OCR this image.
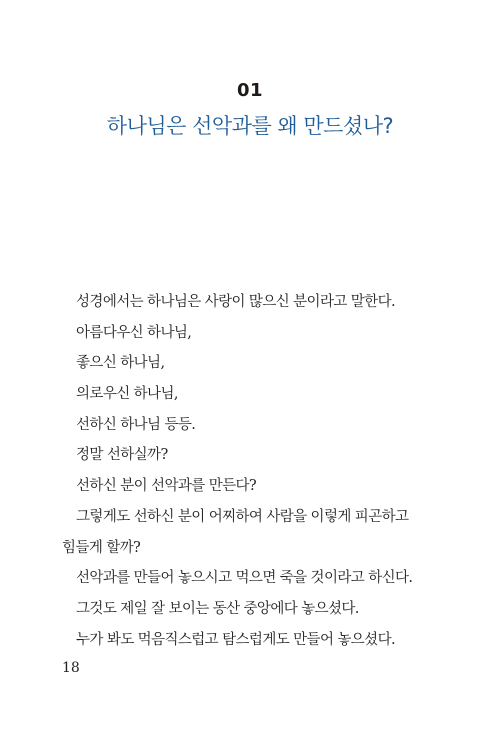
01
하나님은 선악과를 왜 만드셨나?
성경에서는 하나님은 사랑이 많으신 분이라고 말한다.
아름다우신 하나님,
좋으신 하나님,
의로우신 하나님,
선하신 하나님 등등.
정말 선하실까?
선하신 분이 선악과를 만든다?
그렇게도 선하신 분이 어찌하여 사람을 이렇게 피곤하고
힘들게 할까?
선악과를 만들어 놓으시고 먹으면 죽을 것이라고 하신다.
그것도 제일 잘 보이는 동산 중앙에다 놓으셨다.
누가 봐도 먹음직스럽고 탐스럽게도 만들어 놓으셨다.
18
